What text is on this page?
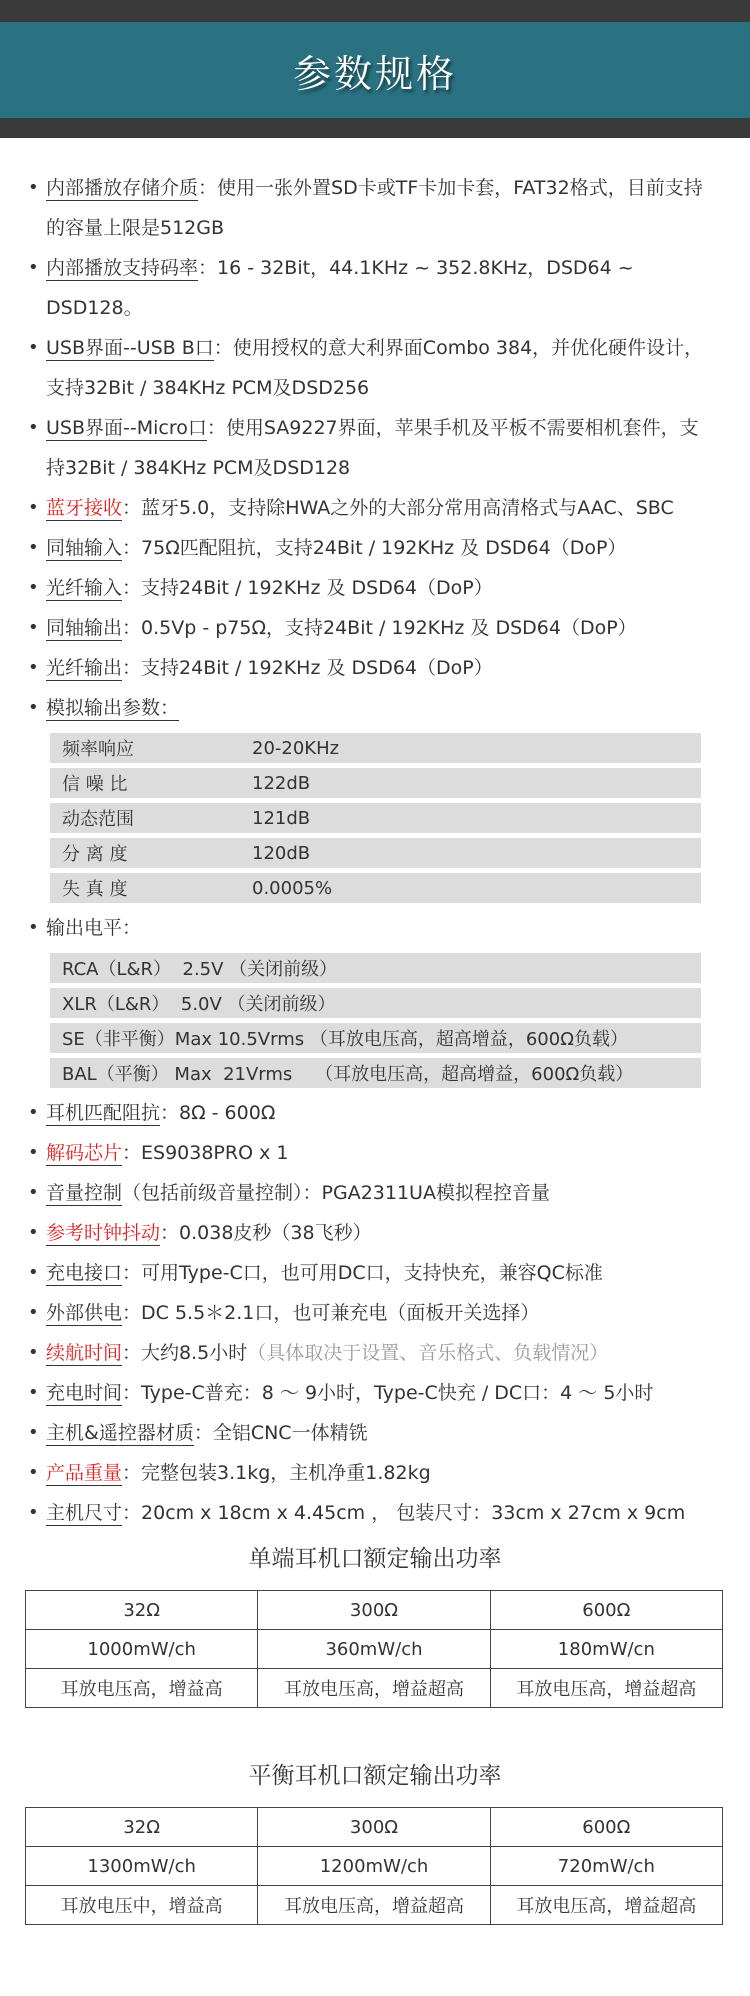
参数规格
• 内部播放存储介质：使用一张外置SD卡或TF卡加卡套，FAT32格式，目前支持的容量上限是512GB
• 内部播放支持码率：16 - 32Bit，44.1KHz ~ 352.8KHz，DSD64 ~ DSD128。
• USB界面--USB B口：使用授权的意大利界面Combo 384，并优化硬件设计，支持32Bit / 384KHz PCM及DSD256
• USB界面--Micro口：使用SA9227界面，苹果手机及平板不需要相机套件，支持32Bit / 384KHz PCM及DSD128
• 蓝牙接收：蓝牙5.0，支持除HWA之外的大部分常用高清格式与AAC、SBC
• 同轴输入：75Ω匹配阻抗，支持24Bit / 192KHz 及 DSD64（DoP）
• 光纤输入：支持24Bit / 192KHz 及 DSD64（DoP）
• 同轴输出：0.5Vp - p75Ω，支持24Bit / 192KHz 及 DSD64（DoP）
• 光纤输出：支持24Bit / 192KHz 及 DSD64（DoP）
• 模拟输出参数：
频率响应	20-20KHz
信 噪 比	122dB
动态范围	121dB
分 离 度	120dB
失 真 度	0.0005%
• 输出电平：
RCA（L&R）  2.5V （关闭前级）
XLR（L&R）  5.0V （关闭前级）
SE（非平衡）Max 10.5Vrms （耳放电压高，超高增益，600Ω负载）
BAL（平衡） Max  21Vrms    （耳放电压高，超高增益，600Ω负载）
• 耳机匹配阻抗：8Ω - 600Ω
• 解码芯片：ES9038PRO x 1
• 音量控制（包括前级音量控制）：PGA2311UA模拟程控音量
• 参考时钟抖动：0.038皮秒（38飞秒）
• 充电接口：可用Type-C口，也可用DC口，支持快充，兼容QC标准
• 外部供电：DC 5.5＊2.1口，也可兼充电（面板开关选择）
• 续航时间：大约8.5小时（具体取决于设置、音乐格式、负载情况）
• 充电时间：Type-C普充：8 ～ 9小时，Type-C快充 / DC口：4 ～ 5小时
• 主机&遥控器材质：全铝CNC一体精铣
• 产品重量：完整包装3.1kg，主机净重1.82kg
• 主机尺寸：20cm x 18cm x 4.45cm ， 包装尺寸：33cm x 27cm x 9cm
单端耳机口额定输出功率
32Ω	300Ω	600Ω
1000mW/ch	360mW/ch	180mW/cn
耳放电压高，增益高	耳放电压高，增益超高	耳放电压高，增益超高
平衡耳机口额定输出功率
32Ω	300Ω	600Ω
1300mW/ch	1200mW/ch	720mW/ch
耳放电压中，增益高	耳放电压高，增益超高	耳放电压高，增益超高
